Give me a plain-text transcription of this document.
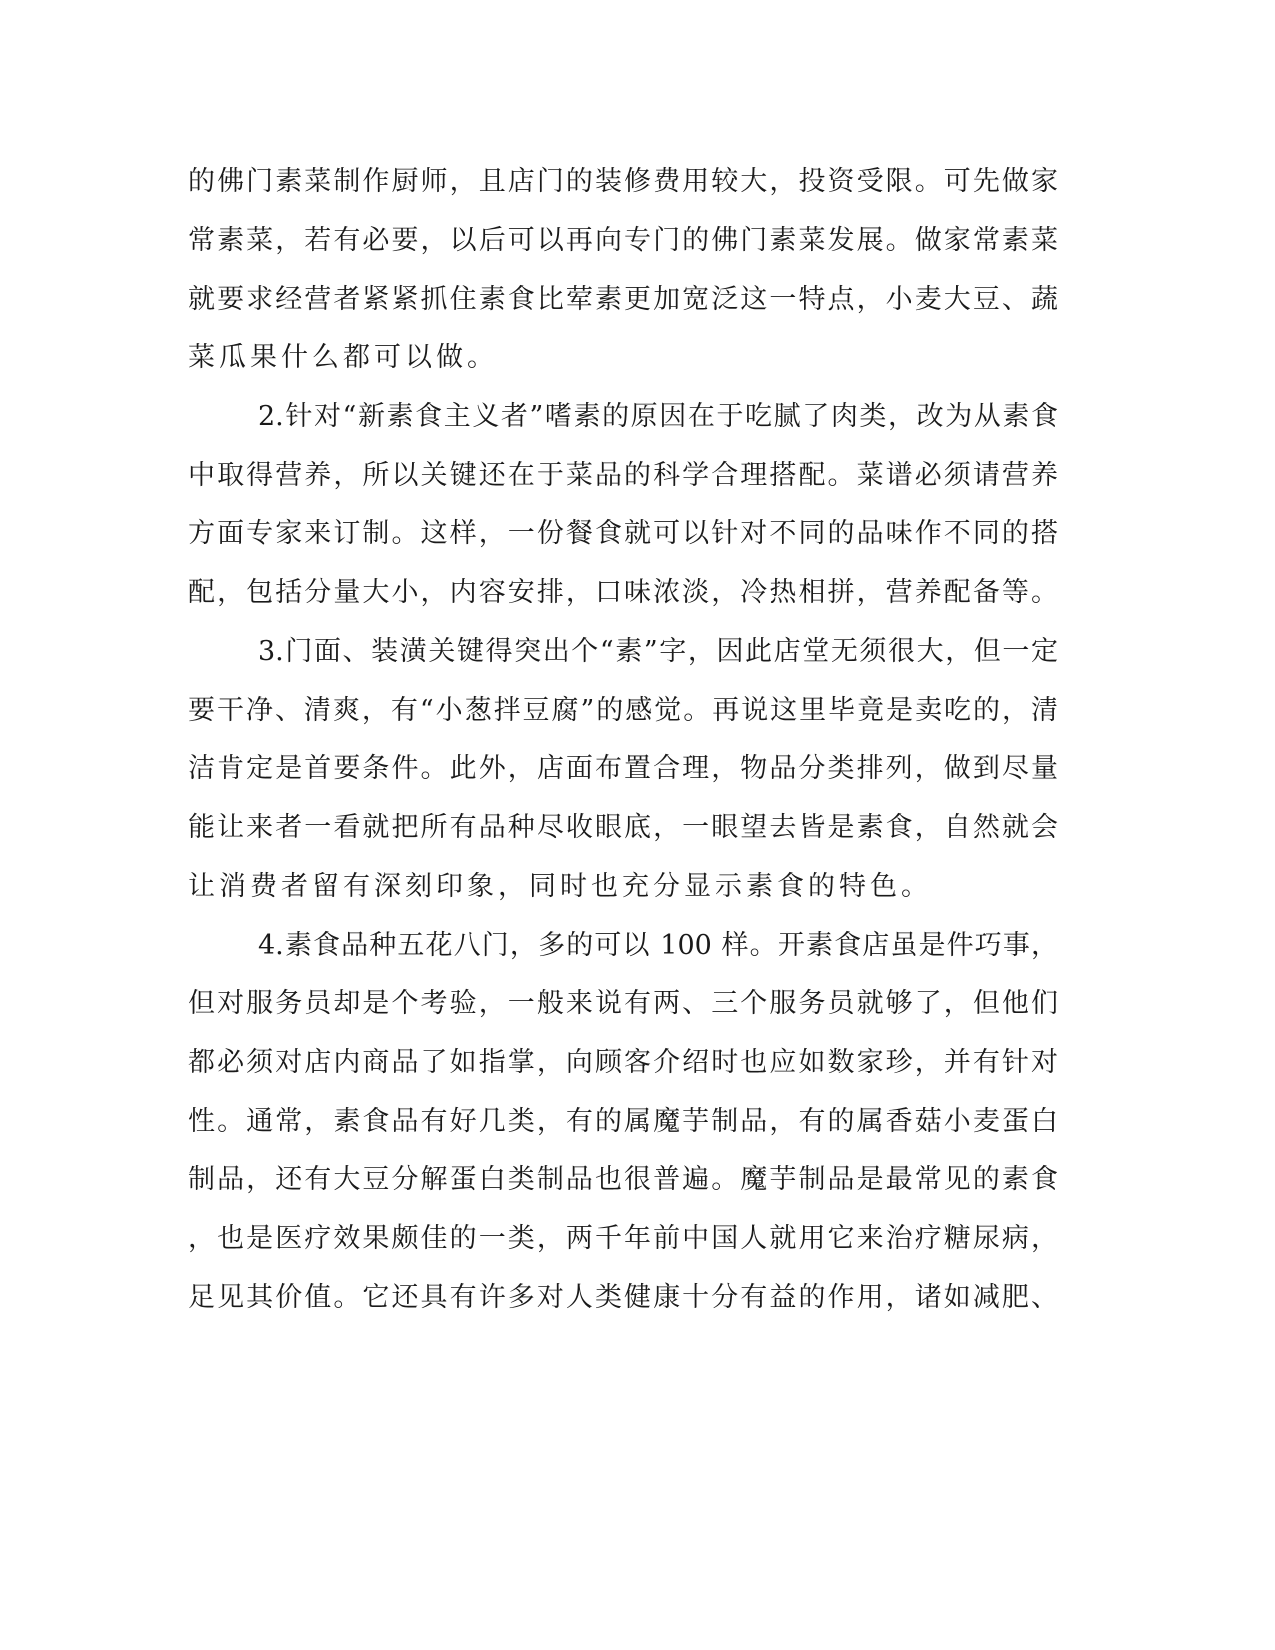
的佛门素菜制作厨师，且店门的装修费用较大，投资受限。可先做家
常素菜，若有必要，以后可以再向专门的佛门素菜发展。做家常素菜
就要求经营者紧紧抓住素食比荤素更加宽泛这一特点，小麦大豆、蔬
菜瓜果什么都可以做。
2.针对“新素食主义者”嗜素的原因在于吃腻了肉类，改为从素食
中取得营养，所以关键还在于菜品的科学合理搭配。菜谱必须请营养
方面专家来订制。这样，一份餐食就可以针对不同的品味作不同的搭
配，包括分量大小，内容安排，口味浓淡，冷热相拼，营养配备等。
3.门面、装潢关键得突出个“素”字，因此店堂无须很大，但一定
要干净、清爽，有“小葱拌豆腐”的感觉。再说这里毕竟是卖吃的，清
洁肯定是首要条件。此外，店面布置合理，物品分类排列，做到尽量
能让来者一看就把所有品种尽收眼底，一眼望去皆是素食，自然就会
让消费者留有深刻印象，同时也充分显示素食的特色。
4.素食品种五花八门，多的可以 100 样。开素食店虽是件巧事，
但对服务员却是个考验，一般来说有两、三个服务员就够了，但他们
都必须对店内商品了如指掌，向顾客介绍时也应如数家珍，并有针对
性。通常，素食品有好几类，有的属魔芋制品，有的属香菇小麦蛋白
制品，还有大豆分解蛋白类制品也很普遍。魔芋制品是最常见的素食
，也是医疗效果颇佳的一类，两千年前中国人就用它来治疗糖尿病，
足见其价值。它还具有许多对人类健康十分有益的作用，诸如减肥、
